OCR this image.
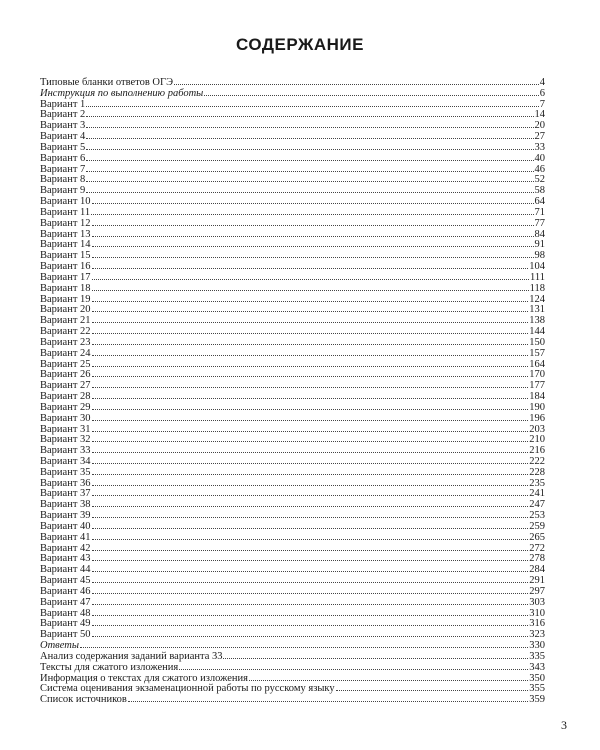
СОДЕРЖАНИЕ
Типовые бланки ответов ОГЭ	4
Инструкция по выполнению работы	6
Вариант 1	7
Вариант 2	14
Вариант 3	20
Вариант 4	27
Вариант 5	33
Вариант 6	40
Вариант 7	46
Вариант 8	52
Вариант 9	58
Вариант 10	64
Вариант 11	71
Вариант 12	77
Вариант 13	84
Вариант 14	91
Вариант 15	98
Вариант 16	104
Вариант 17	111
Вариант 18	118
Вариант 19	124
Вариант 20	131
Вариант 21	138
Вариант 22	144
Вариант 23	150
Вариант 24	157
Вариант 25	164
Вариант 26	170
Вариант 27	177
Вариант 28	184
Вариант 29	190
Вариант 30	196
Вариант 31	203
Вариант 32	210
Вариант 33	216
Вариант 34	222
Вариант 35	228
Вариант 36	235
Вариант 37	241
Вариант 38	247
Вариант 39	253
Вариант 40	259
Вариант 41	265
Вариант 42	272
Вариант 43	278
Вариант 44	284
Вариант 45	291
Вариант 46	297
Вариант 47	303
Вариант 48	310
Вариант 49	316
Вариант 50	323
Ответы	330
Анализ содержания заданий варианта 33	335
Тексты для сжатого изложения	343
Информация о текстах для сжатого изложения	350
Система оценивания экзаменационной работы по русскому языку	355
Список источников	359
3
